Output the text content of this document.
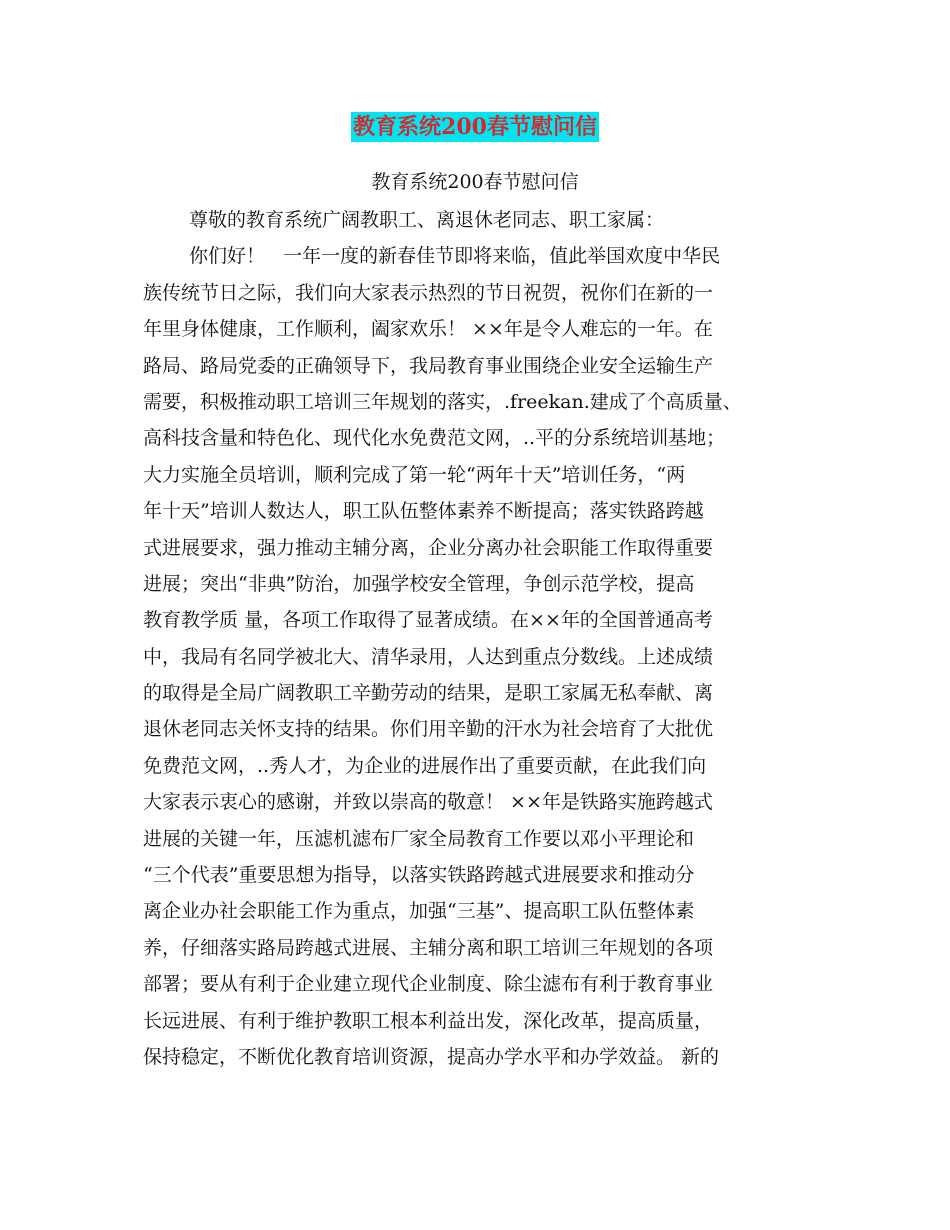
教育系统200春节慰问信
教育系统200春节慰问信
尊敬的教育系统广阔教职工、离退休老同志、职工家属：
你们好！   一年一度的新春佳节即将来临，值此举国欢度中华民
族传统节日之际，我们向大家表示热烈的节日祝贺，祝你们在新的一
年里身体健康，工作顺利，阖家欢乐！ ××年是令人难忘的一年。在
路局、路局党委的正确领导下，我局教育事业围绕企业安全运输生产
需要，积极推动职工培训三年规划的落实，.freekan.建成了个高质量、
高科技含量和特色化、现代化水免费范文网，..平的分系统培训基地；
大力实施全员培训，顺利完成了第一轮“两年十天”培训任务，“两
年十天”培训人数达人，职工队伍整体素养不断提高；落实铁路跨越
式进展要求，强力推动主辅分离，企业分离办社会职能工作取得重要
进展；突出“非典”防治，加强学校安全管理，争创示范学校，提高
教育教学质 量，各项工作取得了显著成绩。在××年的全国普通高考
中，我局有名同学被北大、清华录用，人达到重点分数线。上述成绩
的取得是全局广阔教职工辛勤劳动的结果，是职工家属无私奉献、离
退休老同志关怀支持的结果。你们用辛勤的汗水为社会培育了大批优
免费范文网，..秀人才，为企业的进展作出了重要贡献，在此我们向
大家表示衷心的感谢，并致以崇高的敬意！ ××年是铁路实施跨越式
进展的关键一年，压滤机滤布厂家全局教育工作要以邓小平理论和
“三个代表”重要思想为指导，以落实铁路跨越式进展要求和推动分
离企业办社会职能工作为重点，加强“三基”、提高职工队伍整体素
养，仔细落实路局跨越式进展、主辅分离和职工培训三年规划的各项
部署；要从有利于企业建立现代企业制度、除尘滤布有利于教育事业
长远进展、有利于维护教职工根本利益出发，深化改革，提高质量，
保持稳定，不断优化教育培训资源，提高办学水平和办学效益。 新的
